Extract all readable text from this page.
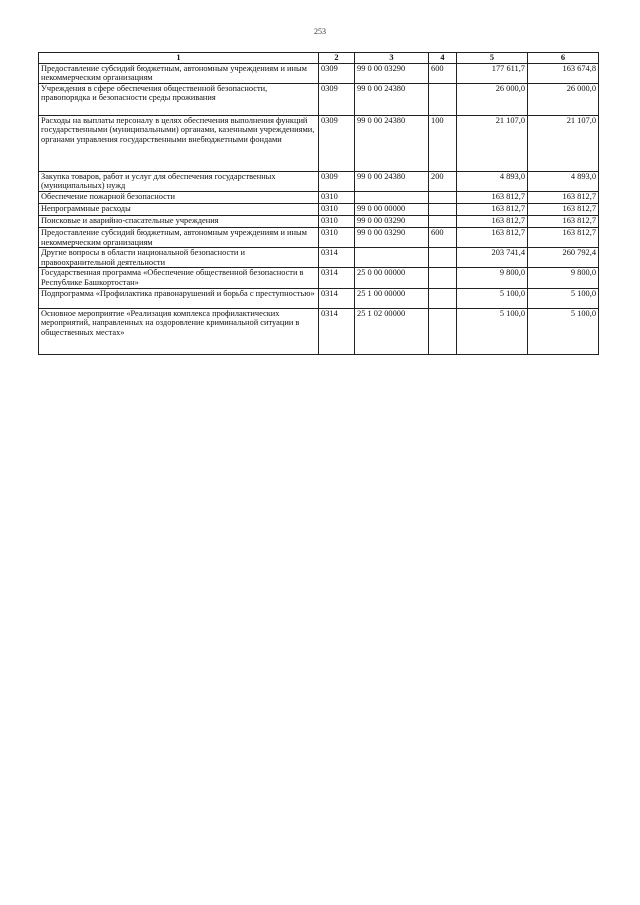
253
1	2	3	4	5	6
Предоставление субсидий бюджетным, автономным учреждениям и иным некоммерческим организациям	0309	99 0 00 03290	600	177 611,7	163 674,8
Учреждения в сфере обеспечения общественной безопасности, правопорядка и безопасности среды проживания	0309	99 0 00 24380		26 000,0	26 000,0
Расходы на выплаты персоналу в целях обеспечения выполнения функций государственными (муниципальными) органами, казенными учреждениями, органами управления государственными внебюджетными фондами	0309	99 0 00 24380	100	21 107,0	21 107,0
Закупка товаров, работ и услуг для обеспечения государственных (муниципальных) нужд	0309	99 0 00 24380	200	4 893,0	4 893,0
Обеспечение пожарной безопасности	0310			163 812,7	163 812,7
Непрограммные расходы	0310	99 0 00 00000		163 812,7	163 812,7
Поисковые и аварийно-спасательные учреждения	0310	99 0 00 03290		163 812,7	163 812,7
Предоставление субсидий бюджетным, автономным учреждениям и иным некоммерческим организациям	0310	99 0 00 03290	600	163 812,7	163 812,7
Другие вопросы в области национальной безопасности и правоохранительной деятельности	0314			203 741,4	260 792,4
Государственная программа «Обеспечение общественной безопасности в Республике Башкортостан»	0314	25 0 00 00000		9 800,0	9 800,0
Подпрограмма «Профилактика правонарушений и борьба с преступностью»	0314	25 1 00 00000		5 100,0	5 100,0
Основное мероприятие «Реализация комплекса профилактических мероприятий, направленных на оздоровление криминальной ситуации в общественных местах»	0314	25 1 02 00000		5 100,0	5 100,0
